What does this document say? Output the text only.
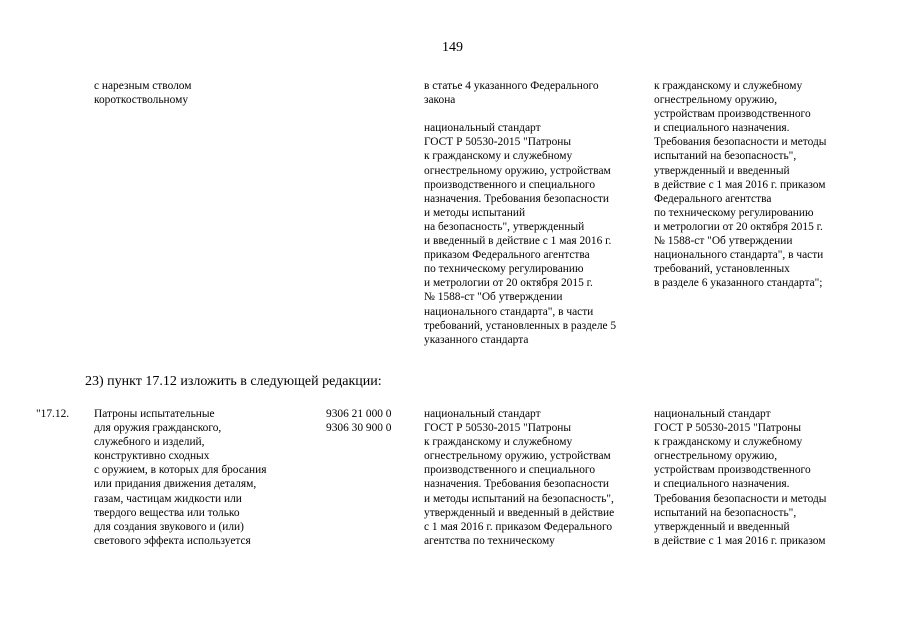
149
с нарезным стволом
короткоствольному
в статье 4 указанного Федерального
закона
национальный стандарт
ГОСТ Р 50530-2015 "Патроны
к гражданскому и служебному
огнестрельному оружию, устройствам
производственного и специального
назначения. Требования безопасности
и методы испытаний
на безопасность", утвержденный
и введенный в действие с 1 мая 2016 г.
приказом Федерального агентства
по техническому регулированию
и метрологии от 20 октября 2015 г.
№ 1588-ст "Об утверждении
национального стандарта", в части
требований, установленных в разделе 5
указанного стандарта
к гражданскому и служебному
огнестрельному оружию,
устройствам производственного
и специального назначения.
Требования безопасности и методы
испытаний на безопасность",
утвержденный и введенный
в действие с 1 мая 2016 г. приказом
Федерального агентства
по техническому регулированию
и метрологии от 20 октября 2015 г.
№ 1588-ст "Об утверждении
национального стандарта", в части
требований, установленных
в разделе 6 указанного стандарта";
23) пункт 17.12 изложить в следующей редакции:
"17.12. Патроны испытательные
для оружия гражданского,
служебного и изделий,
конструктивно сходных
с оружием, в которых для бросания
или придания движения деталям,
газам, частицам жидкости или
твердого вещества или только
для создания звукового и (или)
светового эффекта используется
9306 21 000 0
9306 30 900 0
национальный стандарт
ГОСТ Р 50530-2015 "Патроны
к гражданскому и служебному
огнестрельному оружию, устройствам
производственного и специального
назначения. Требования безопасности
и методы испытаний на безопасность",
утвержденный и введенный в действие
с 1 мая 2016 г. приказом Федерального
агентства по техническому
национальный стандарт
ГОСТ Р 50530-2015 "Патроны
к гражданскому и служебному
огнестрельному оружию,
устройствам производственного
и специального назначения.
Требования безопасности и методы
испытаний на безопасность",
утвержденный и введенный
в действие с 1 мая 2016 г. приказом
